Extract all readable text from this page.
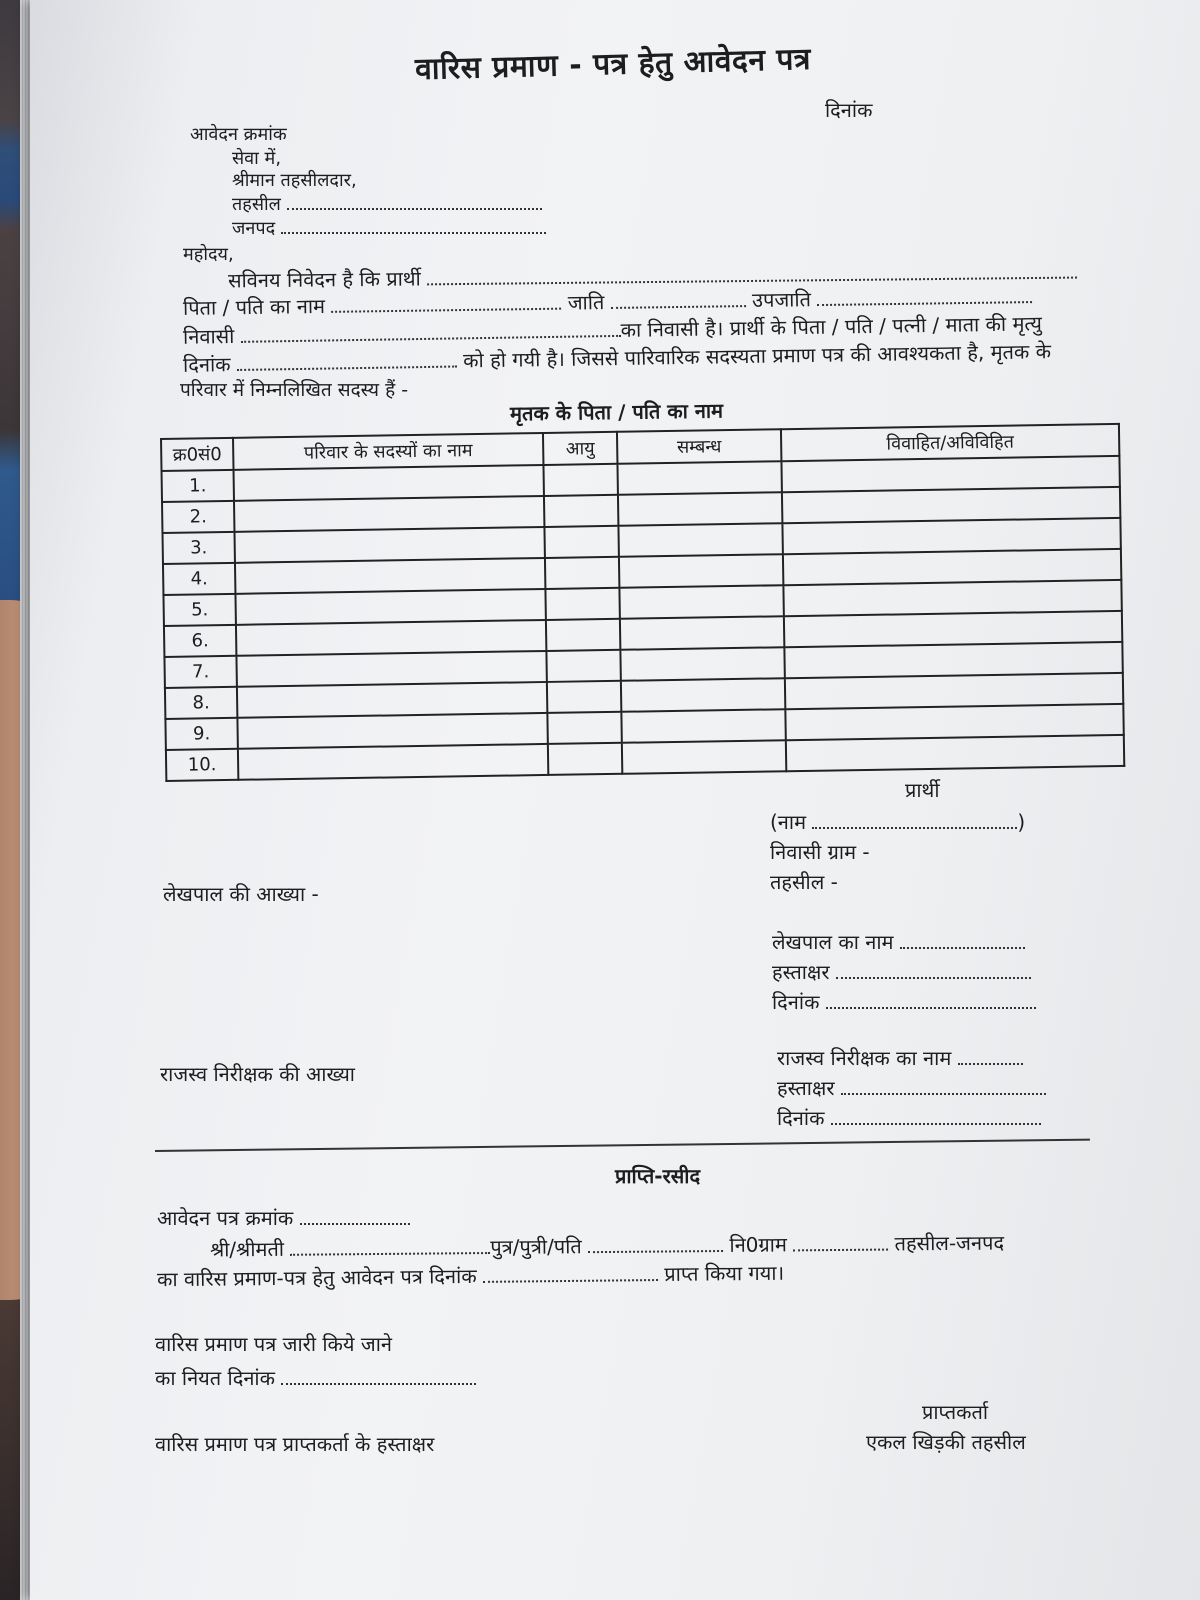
वारिस प्रमाण - पत्र हेतु आवेदन पत्र
दिनांक
आवेदन क्रमांक
सेवा में,
श्रीमान तहसीलदार,
तहसील
जनपद
महोदय,
सविनय निवेदन है कि प्रार्थी
पिता / पति का नाम	जाति	उपजाति
निवासी	का निवासी है। प्रार्थी के पिता / पति / पत्नी / माता की मृत्यु
दिनांक	को हो गयी है। जिससे पारिवारिक सदस्यता प्रमाण पत्र की आवश्यकता है, मृतक के
परिवार में निम्नलिखित सदस्य हैं -
मृतक के पिता / पति का नाम
क्र0सं0	परिवार के सदस्यों का नाम	आयु	सम्बन्ध	विवाहित/अविविहित
1.				
2.				
3.				
4.				
5.				
6.				
7.				
8.				
9.				
10.				
प्रार्थी
(नाम	)
निवासी ग्राम -
तहसील -
लेखपाल की आख्या -
लेखपाल का नाम
हस्ताक्षर
दिनांक
राजस्व निरीक्षक की आख्या
राजस्व निरीक्षक का नाम
हस्ताक्षर
दिनांक
प्राप्ति-रसीद
आवेदन पत्र क्रमांक
श्री/श्रीमती	पुत्र/पुत्री/पति	नि0ग्राम	तहसील-जनपद
का वारिस प्रमाण-पत्र हेतु आवेदन पत्र दिनांक	प्राप्त किया गया।
वारिस प्रमाण पत्र जारी किये जाने
का नियत दिनांक
वारिस प्रमाण पत्र प्राप्तकर्ता के हस्ताक्षर
प्राप्तकर्ता
एकल खिड़की तहसील
